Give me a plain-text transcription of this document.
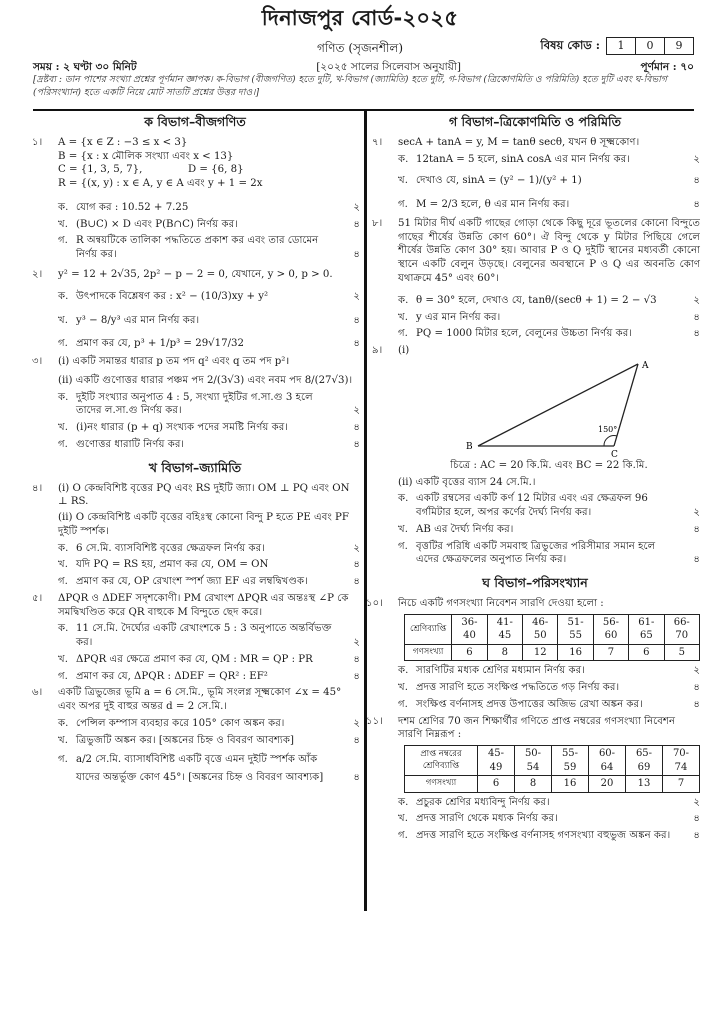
দিনাজপুর বোর্ড-২০২৫
গণিত (সৃজনশীল)	বিষয় কোড :	1	0	9
সময় : ২ ঘণ্টা ৩০ মিনিট	[২০২৫ সালের সিলেবাস অনুযায়ী]	পূর্ণমান : ৭০
[দ্রষ্টব্য : ডান পাশের সংখ্যা প্রশ্নের পূর্ণমান জ্ঞাপক। ক-বিভাগ (বীজগণিত) হতে দুটি, খ-বিভাগ (জ্যামিতি) হতে দুটি, গ-বিভাগ (ত্রিকোণমিতি ও পরিমিতি) হতে দুটি এবং ঘ-বিভাগ (পরিসংখ্যান) হতে একটি নিয়ে মোট সাতটি প্রশ্নের উত্তর দাও।]
ক বিভাগ–বীজগণিত
১। A = {x ∈ Z : −3 ≤ x < 3}
B = {x : x মৌলিক সংখ্যা এবং x < 13}
C = {1, 3, 5, 7},	D = {6, 8}
R = {(x, y) : x ∈ A, y ∈ A এবং y + 1 = 2x
ক. যোগ কর : 10.52 + 7.25	২
খ. (B∪C) × D এবং P(B∩C) নির্ণয় কর।	৪
গ. R অন্বয়টিকে তালিকা পদ্ধতিতে প্রকাশ কর এবং তার ডোমেন নির্ণয় কর।	৪
২। y² = 12 + 2√35, 2p² − p − 2 = 0, যেখানে, y > 0, p > 0.
ক. উৎপাদকে বিশ্লেষণ কর : x² − (10/3)xy + y²	২
খ. y³ − 8/y³ এর মান নির্ণয় কর।	৪
গ. প্রমাণ কর যে, p³ + 1/p³ = 29√17/32	৪
৩। (i) একটি সমান্তর ধারার p তম পদ q² এবং q তম পদ p²।
(ii) একটি গুণোত্তর ধারার পঞ্চম পদ 2/(3√3) এবং নবম পদ 8/(27√3)।
ক. দুইটি সংখ্যার অনুপাত 4 : 5, সংখ্যা দুইটির গ.সা.গু 3 হলে তাদের ল.সা.গু নির্ণয় কর।	২
খ. (i)নং ধারার (p + q) সংখ্যক পদের সমষ্টি নির্ণয় কর।	৪
গ. গুণোত্তর ধারাটি নির্ণয় কর।	৪
খ বিভাগ–জ্যামিতি
৪। (i) O কেন্দ্রবিশিষ্ট বৃত্তের PQ এবং RS দুইটি জ্যা। OM ⊥ PQ এবং ON ⊥ RS.
(ii) O কেন্দ্রবিশিষ্ট একটি বৃত্তের বহিঃস্থ কোনো বিন্দু P হতে PE এবং PF দুইটি স্পর্শক।
ক. 6 সে.মি. ব্যাসবিশিষ্ট বৃত্তের ক্ষেত্রফল নির্ণয় কর।	২
খ. যদি PQ = RS হয়, প্রমাণ কর যে, OM = ON	৪
গ. প্রমাণ কর যে, OP রেখাংশ স্পর্শ জ্যা EF এর লম্বদ্বিখণ্ডক।	৪
৫। ΔPQR ও ΔDEF সদৃশকোণী। PM রেখাংশ ΔPQR এর অন্তঃস্থ ∠P কে সমদ্বিখণ্ডিত করে QR বাহুকে M বিন্দুতে ছেদ করে।
ক. 11 সে.মি. দৈর্ঘ্যের একটি রেখাংশকে 5 : 3 অনুপাতে অন্তর্বিভক্ত কর।	২
খ. ΔPQR এর ক্ষেত্রে প্রমাণ কর যে, QM : MR = QP : PR	৪
গ. প্রমাণ কর যে, ΔPQR : ΔDEF = QR² : EF²	৪
৬। একটি ত্রিভুজের ভূমি a = 6 সে.মি., ভূমি সংলগ্ন সূক্ষ্মকোণ ∠x = 45° এবং অপর দুই বাহুর অন্তর d = 2 সে.মি.।
ক. পেন্সিল কম্পাস ব্যবহার করে 105° কোণ অঙ্কন কর।	২
খ. ত্রিভুজটি অঙ্কন কর। [অঙ্কনের চিহ্ন ও বিবরণ আবশ্যক]	৪
গ. a/2 সে.মি. ব্যাসার্ধবিশিষ্ট একটি বৃত্তে এমন দুইটি স্পর্শক আঁক যাদের অন্তর্ভুক্ত কোণ 45°। [অঙ্কনের চিহ্ন ও বিবরণ আবশ্যক]	৪
গ বিভাগ–ত্রিকোণমিতি ও পরিমিতি
৭। secA + tanA = y, M = tanθ secθ, যখন θ সূক্ষ্মকোণ।
ক. 12tanA = 5 হলে, sinA cosA এর মান নির্ণয় কর।	২
খ. দেখাও যে, sinA = (y² − 1)/(y² + 1)	৪
গ. M = 2/3 হলে, θ এর মান নির্ণয় কর।	৪
৮। 51 মিটার দীর্ঘ একটি গাছের গোড়া থেকে কিছু দূরে ভূতলের কোনো বিন্দুতে গাছের শীর্ষের উন্নতি কোণ 60°। ঐ বিন্দু থেকে y মিটার পিছিয়ে গেলে শীর্ষের উন্নতি কোণ 30° হয়। আবার P ও Q দুইটি স্থানের মধ্যবর্তী কোনো স্থানে একটি বেলুন উড়ছে। বেলুনের অবস্থানে P ও Q এর অবনতি কোণ যথাক্রমে 45° এবং 60°।
ক. θ = 30° হলে, দেখাও যে, tanθ/(secθ + 1) = 2 − √3	২
খ. y এর মান নির্ণয় কর।	৪
গ. PQ = 1000 মিটার হলে, বেলুনের উচ্চতা নির্ণয় কর।	৪
৯। (i)
A
B
C
150°
চিত্রে : AC = 20 কি.মি. এবং BC = 22 কি.মি.
(ii) একটি বৃত্তের ব্যাস 24 সে.মি.।
ক. একটি রম্বসের একটি কর্ণ 12 মিটার এবং এর ক্ষেত্রফল 96 বর্গমিটার হলে, অপর কর্ণের দৈর্ঘ্য নির্ণয় কর।	২
খ. AB এর দৈর্ঘ্য নির্ণয় কর।	৪
গ. বৃত্তটির পরিধি একটি সমবাহু ত্রিভুজের পরিসীমার সমান হলে এদের ক্ষেত্রফলের অনুপাত নির্ণয় কর।	৪
ঘ বিভাগ–পরিসংখ্যান
১০। নিচে একটি গণসংখ্যা নিবেশন সারণি দেওয়া হলো :
শ্রেণিব্যাপ্তি	36-40	41-45	46-50	51-55	56-60	61-65	66-70
গণসংখ্যা	6	8	12	16	7	6	5
ক. সারণিটির মধ্যক শ্রেণির মধ্যমান নির্ণয় কর।	২
খ. প্রদত্ত সারণি হতে সংক্ষিপ্ত পদ্ধতিতে গড় নির্ণয় কর।	৪
গ. সংক্ষিপ্ত বর্ণনাসহ প্রদত্ত উপাত্তের অজিভ রেখা অঙ্কন কর।	৪
১১। দশম শ্রেণির 70 জন শিক্ষার্থীর গণিতে প্রাপ্ত নম্বরের গণসংখ্যা নিবেশন সারণি নিম্নরূপ :
প্রাপ্ত নম্বরের শ্রেণিব্যাপ্তি	45-49	50-54	55-59	60-64	65-69	70-74
গণসংখ্যা	6	8	16	20	13	7
ক. প্রচুরক শ্রেণির মধ্যবিন্দু নির্ণয় কর।	২
খ. প্রদত্ত সারণি থেকে মধ্যক নির্ণয় কর।	৪
গ. প্রদত্ত সারণি হতে সংক্ষিপ্ত বর্ণনাসহ গণসংখ্যা বহুভুজ অঙ্কন কর। ৪
